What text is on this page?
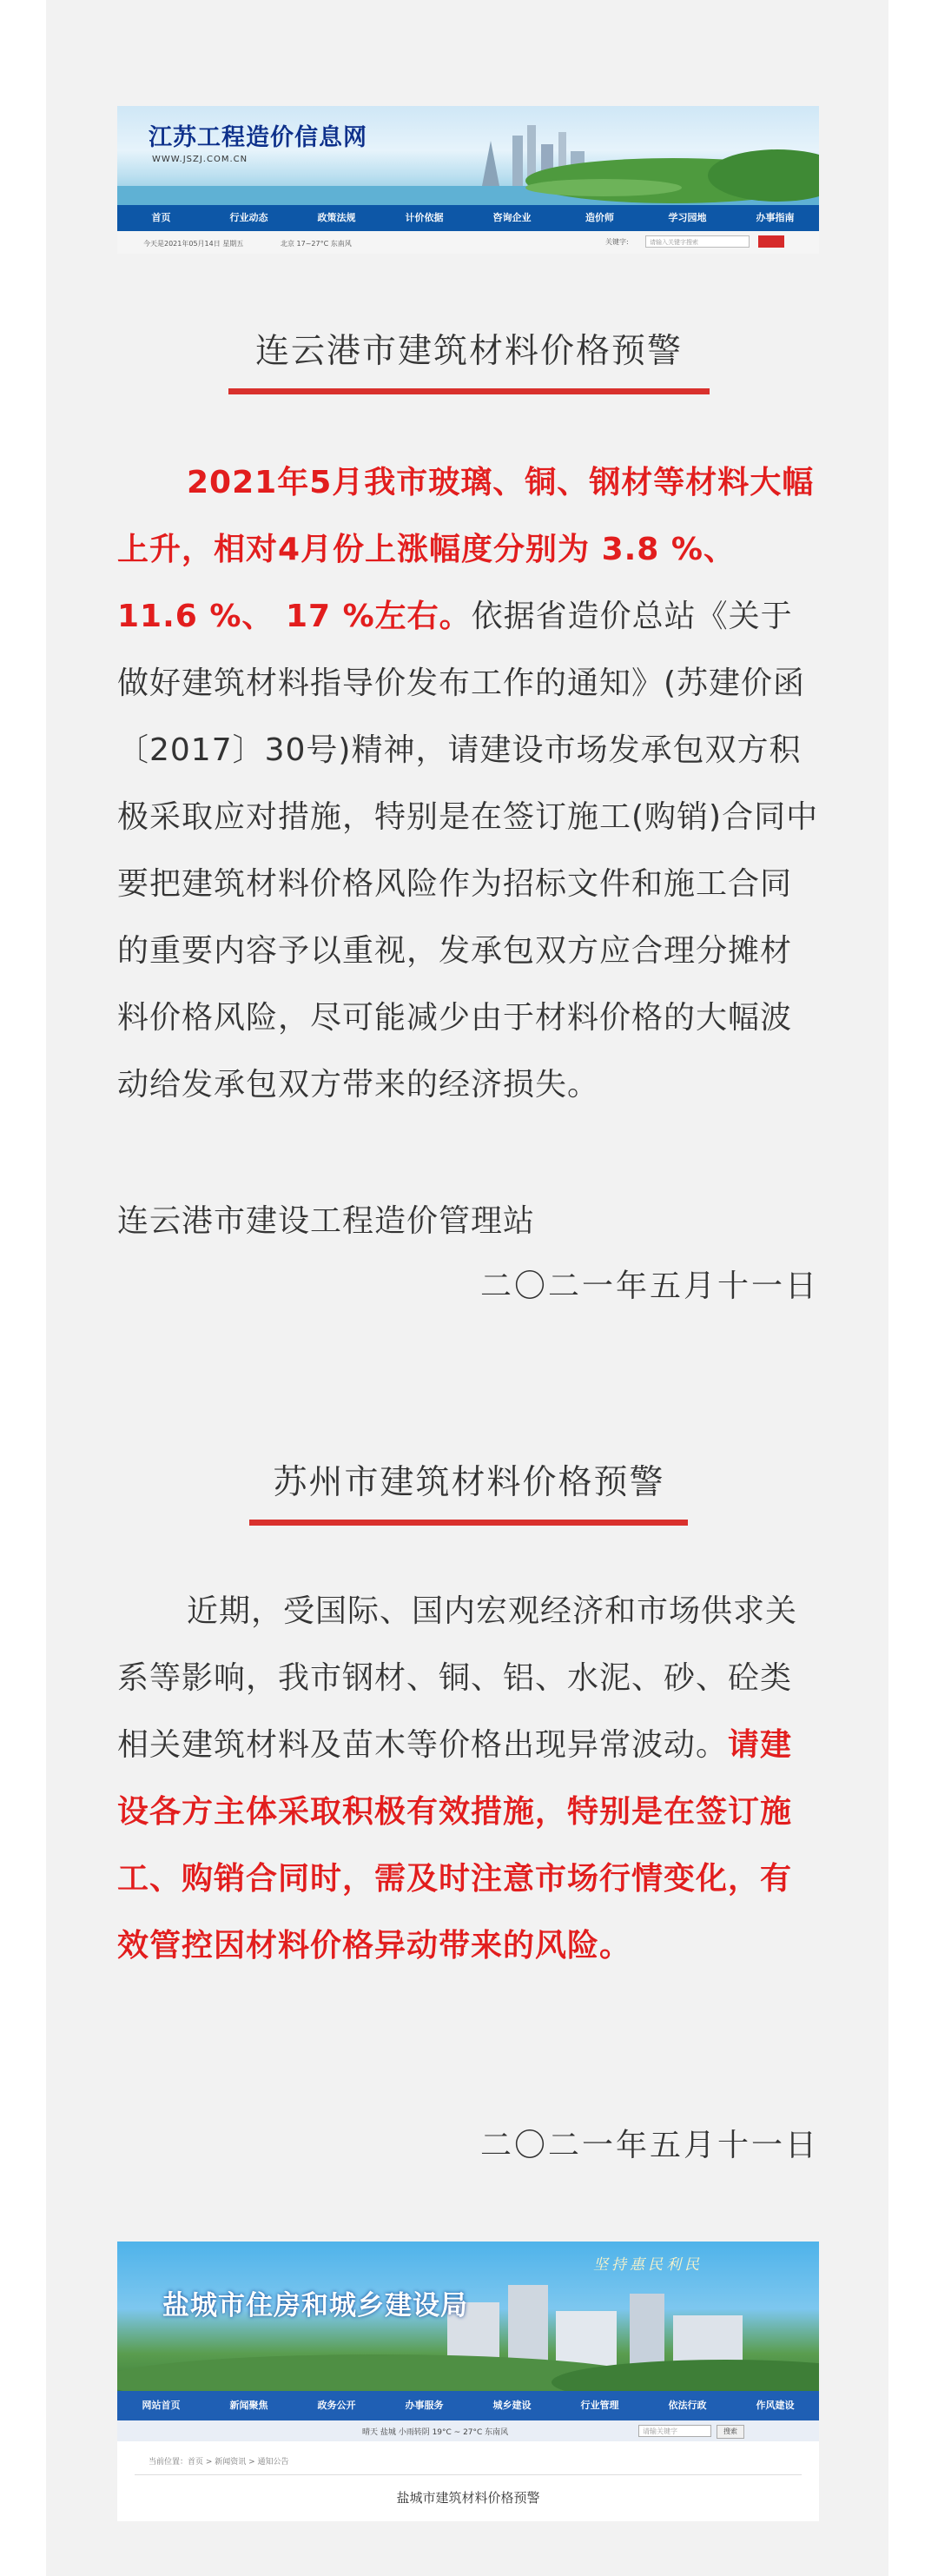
江苏工程造价信息网
WWW.JSZJ.COM.CN
首页	行业动态	政策法规	计价依据	咨询企业	造价师	学习园地	办事指南
今天是2021年05月14日 星期五	北京 17~27°C 东南风	关键字:	请输入关键字搜索
连云港市建筑材料价格预警

2021年5月我市玻璃、铜、钢材等材料大幅上升，相对4月份上涨幅度分别为 3.8 %、 11.6 %、 17 %左右。依据省造价总站《关于做好建筑材料指导价发布工作的通知》(苏建价函〔2017〕30号)精神，请建设市场发承包双方积极采取应对措施，特别是在签订施工(购销)合同中要把建筑材料价格风险作为招标文件和施工合同的重要内容予以重视，发承包双方应合理分摊材料价格风险，尽可能减少由于材料价格的大幅波动给发承包双方带来的经济损失。

连云港市建设工程造价管理站
二〇二一年五月十一日
苏州市建筑材料价格预警

近期，受国际、国内宏观经济和市场供求关系等影响，我市钢材、铜、铝、水泥、砂、砼类相关建筑材料及苗木等价格出现异常波动。请建设各方主体采取积极有效措施，特别是在签订施工、购销合同时，需及时注意市场行情变化，有效管控因材料价格异动带来的风险。

二〇二一年五月十一日
盐城市住房和城乡建设局
坚持惠民利民
网站首页	新闻聚焦	政务公开	办事服务	城乡建设	行业管理	依法行政	作风建设
晴天 盐城 小雨转阴 19°C ~ 27°C 东南风	请输关键字	搜索
当前位置：首页 > 新闻资讯 > 通知公告
盐城市建筑材料价格预警
